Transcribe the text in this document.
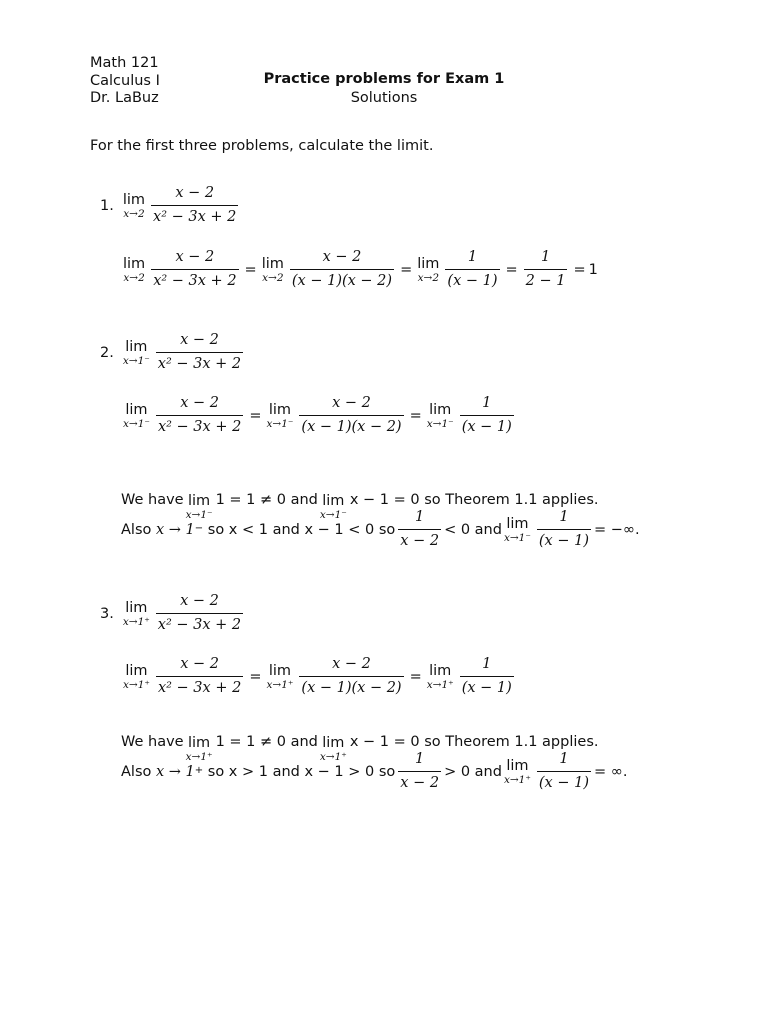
Math 121
Calculus I
Dr. LaBuz
Practice problems for Exam 1
Solutions
For the first three problems, calculate the limit.
1. lim
$x\to 2 \frac{x - 2}{\text{x² − 3x + 2}}$
lim
$x\to 2 \frac{x - 2}{\text{x² − 3x + 2}} = \lim$
$x\to 2 \frac{x - 2}{(x - 1)(x - 2)} = \lim$
$x\to 2 \frac{1}{(x - 1)} = \frac{1}{2 - 1} = 1$
2. lim
$x\to 1^- \frac{x - 2}{\text{x² − 3x + 2}}$
lim
$x\to 1^- \frac{x - 2}{\text{x² − 3x + 2}} = \lim$
$x\to 1^- \frac{x - 2}{(x - 1)(x - 2)} = \lim$
$x\to 1^- \frac{1}{(x - 1)}$
We have lim
x→1⁻
1 = 1 ≠ 0 and lim
x→1⁻
x − 1 = 0 so Theorem 1.1 applies.
Also
x → 1−
so x < 1 and x − 1 < 0 so $\frac{1}{x - 2} < 0$ and lim
$x\to 1^- \frac{1}{(x - 1)}$ = −∞.
3. lim
$x\to 1^+ \frac{x - 2}{\text{x² − 3x + 2}}$
lim
$x\to 1^+ \frac{x - 2}{\text{x² − 3x + 2}} = \lim$
$x\to 1^+ \frac{x - 2}{(x - 1)(x - 2)} = \lim$
$x\to 1^+ \frac{1}{(x - 1)}$
We have lim
x→1⁺
1 = 1 ≠ 0 and lim
x→1⁺
x − 1 = 0 so Theorem 1.1 applies.
Also
x → 1+
so x > 1 and x − 1 > 0 so $\frac{1}{x - 2} > 0$ and lim
$x\to 1^+ \frac{1}{(x - 1)}$ = ∞.
